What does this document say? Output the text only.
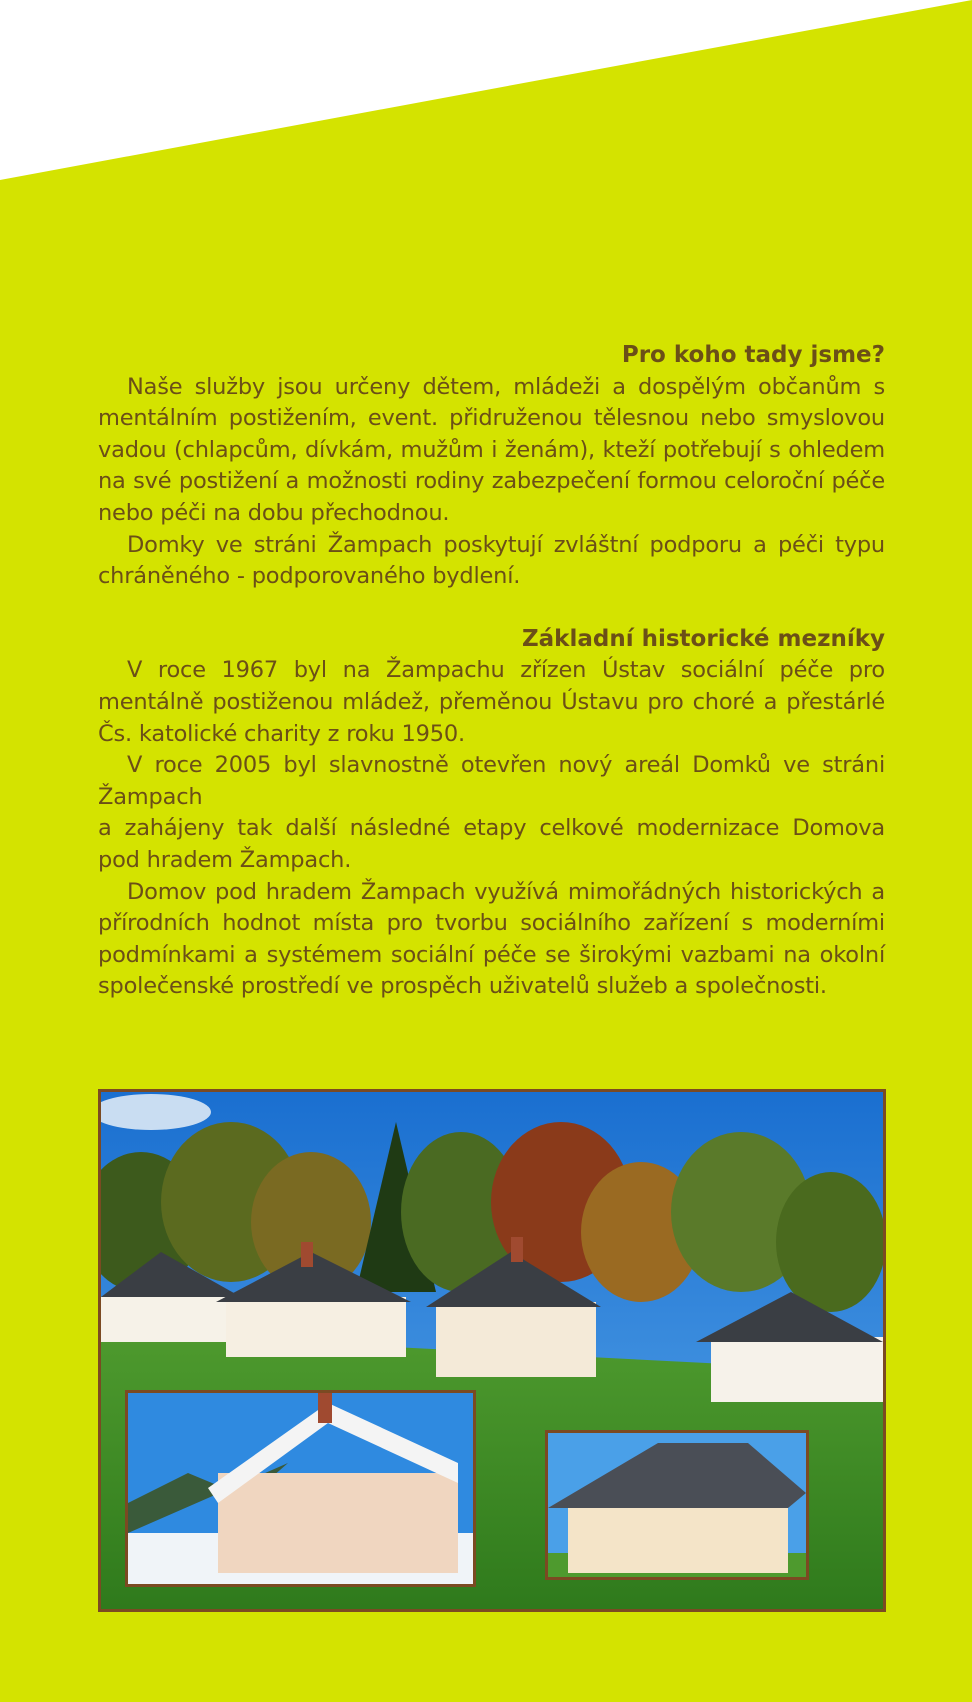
Pro koho tady jsme?

Naše služby jsou určeny dětem, mládeži a dospělým občanům s mentálním postižením, event. přidruženou tělesnou nebo smyslovou vadou (chlapcům, dívkám, mužům i ženám), kteží potřebují s ohledem na své postižení a možnosti rodiny zabezpečení formou celoroční péče nebo péči na dobu přechodnou.

Domky ve stráni Žampach poskytují zvláštní podporu a péči typu chráněného - podporovaného bydlení.

Základní historické mezníky

V roce 1967 byl na Žampachu zřízen Ústav sociální péče pro mentálně postiženou mládež, přeměnou Ústavu pro choré a přestárlé Čs. katolické charity z roku 1950.

V roce 2005 byl slavnostně otevřen nový areál Domků ve stráni Žampach

a zahájeny tak další následné etapy celkové modernizace Domova pod hradem Žampach.

Domov pod hradem Žampach využívá mimořádných historických a přírodních hodnot místa pro tvorbu sociálního zařízení s moderními podmínkami a systémem sociální péče se širokými vazbami na okolní společenské prostředí ve prospěch uživatelů služeb a společnosti.
